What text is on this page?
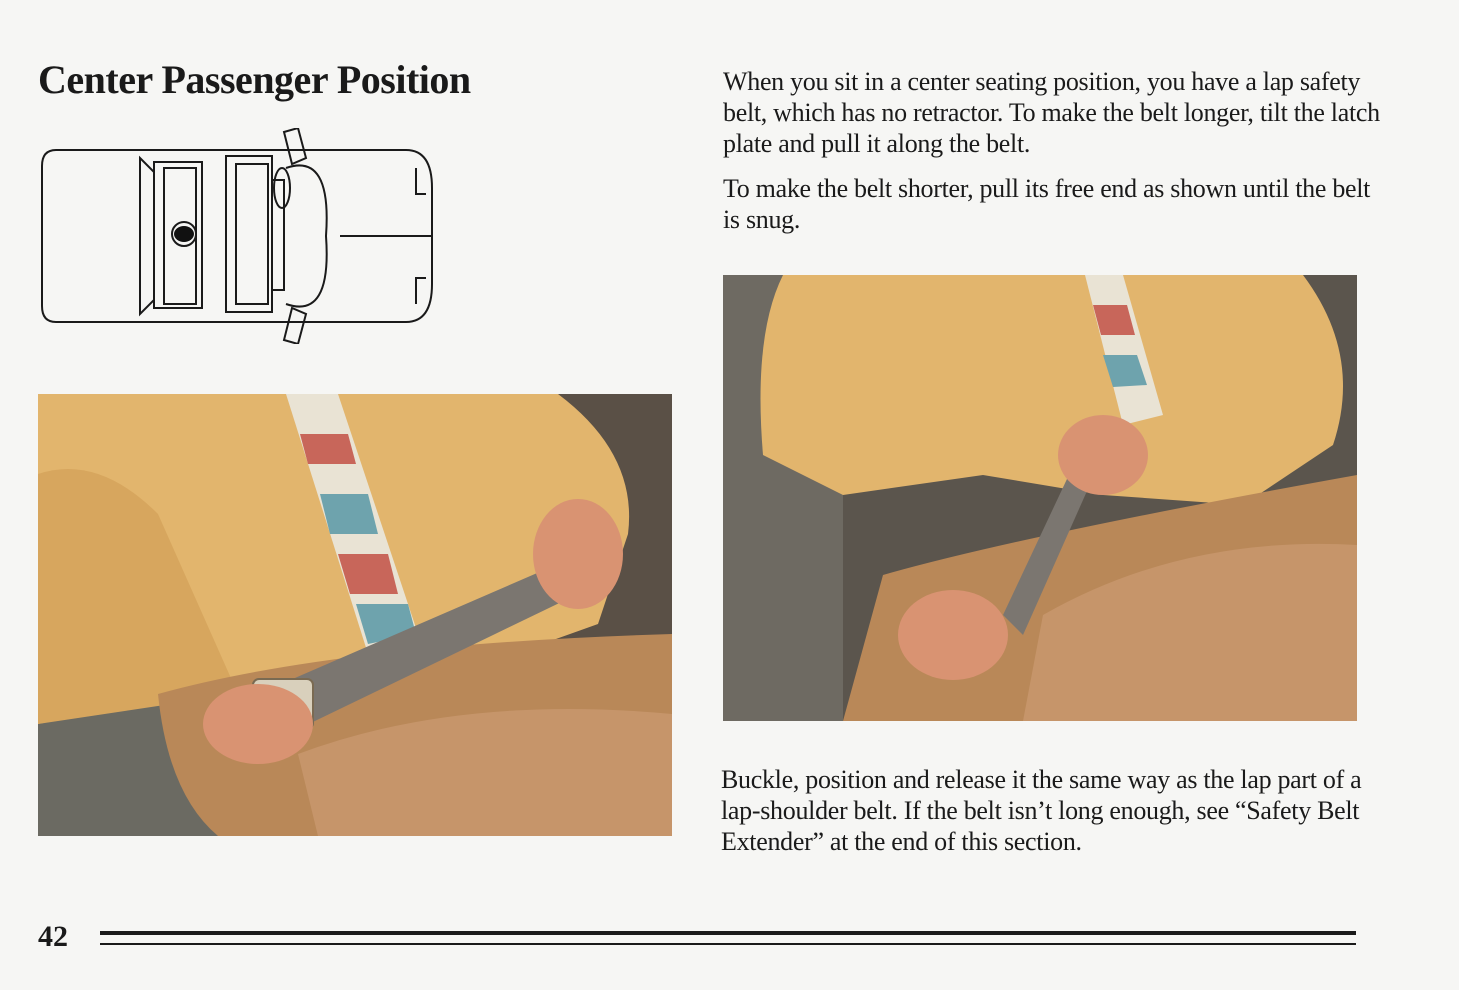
Center Passenger Position	When you sit in a center seating position, you have a lap safety belt, which has no retractor. To make the belt longer, tilt the latch plate and pull it along the belt.

To make the belt shorter, pull its free end as shown until the belt is snug.

Buckle, position and release it the same way as the lap part of a lap-shoulder belt. If the belt isn’t long enough, see “Safety Belt Extender” at the end of this section.

42
